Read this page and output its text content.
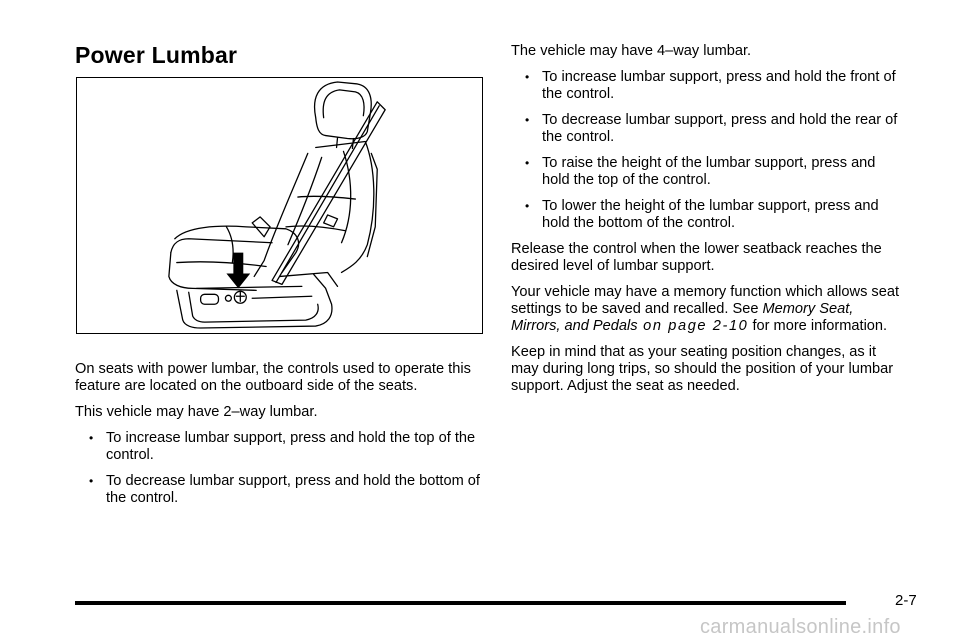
Power Lumbar

On seats with power lumbar, the controls used to operate this feature are located on the outboard side of the seats.

This vehicle may have 2–way lumbar.

• To increase lumbar support, press and hold the top of the control.
• To decrease lumbar support, press and hold the bottom of the control.

The vehicle may have 4–way lumbar.

• To increase lumbar support, press and hold the front of the control.
• To decrease lumbar support, press and hold the rear of the control.
• To raise the height of the lumbar support, press and hold the top of the control.
• To lower the height of the lumbar support, press and hold the bottom of the control.

Release the control when the lower seatback reaches the desired level of lumbar support.

Your vehicle may have a memory function which allows seat settings to be saved and recalled. See Memory Seat, Mirrors, and Pedals on page 2-10 for more information.

Keep in mind that as your seating position changes, as it may during long trips, so should the position of your lumbar support. Adjust the seat as needed.

2-7
carmanualsonline.info
